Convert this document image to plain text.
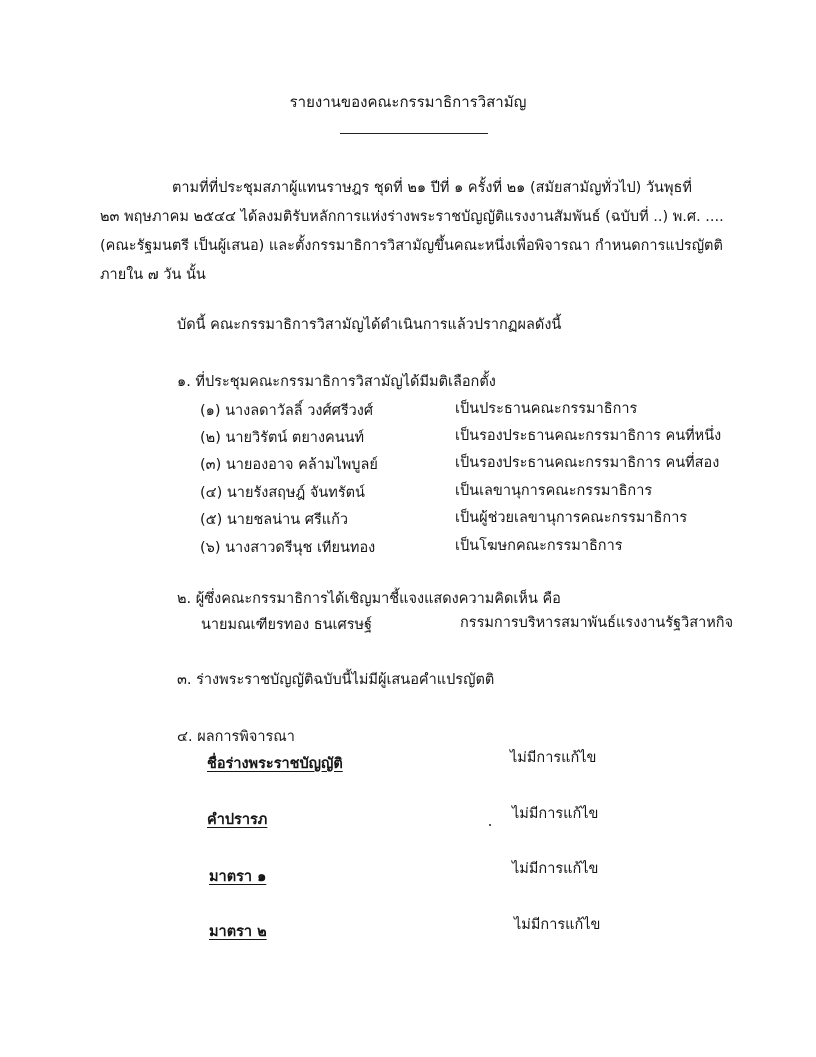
รายงานของคณะกรรมาธิการวิสามัญ
ตามที่ที่ประชุมสภาผู้แทนราษฎร ชุดที่ ๒๑ ปีที่ ๑ ครั้งที่ ๒๑ (สมัยสามัญทั่วไป) วันพุธที่
๒๓ พฤษภาคม ๒๕๔๔ ได้ลงมติรับหลักการแห่งร่างพระราชบัญญัติแรงงานสัมพันธ์ (ฉบับที่ ..) พ.ศ. ....
(คณะรัฐมนตรี เป็นผู้เสนอ) และตั้งกรรมาธิการวิสามัญขึ้นคณะหนึ่งเพื่อพิจารณา กำหนดการแปรญัตติ
ภายใน ๗ วัน นั้น
บัดนี้ คณะกรรมาธิการวิสามัญได้ดำเนินการแล้วปรากฏผลดังนี้
๑. ที่ประชุมคณะกรรมาธิการวิสามัญได้มีมติเลือกตั้ง
(๑) นางลดาวัลลิ์ วงศ์ศรีวงศ์	เป็นประธานคณะกรรมาธิการ
(๒) นายวิรัตน์ ตยางคนนท์	เป็นรองประธานคณะกรรมาธิการ คนที่หนึ่ง
(๓) นายองอาจ คล้ามไพบูลย์	เป็นรองประธานคณะกรรมาธิการ คนที่สอง
(๔) นายรังสฤษฎ์ จันทรัตน์	เป็นเลขานุการคณะกรรมาธิการ
(๕) นายชลน่าน ศรีแก้ว	เป็นผู้ช่วยเลขานุการคณะกรรมาธิการ
(๖) นางสาวดรีนุช เทียนทอง	เป็นโฆษกคณะกรรมาธิการ
๒. ผู้ซึ่งคณะกรรมาธิการได้เชิญมาชี้แจงแสดงความคิดเห็น คือ
นายมณเฑียรทอง ธนเศรษฐ์	กรรมการบริหารสมาพันธ์แรงงานรัฐวิสาหกิจ
๓. ร่างพระราชบัญญัติฉบับนี้ไม่มีผู้เสนอคำแปรญัตติ
๔. ผลการพิจารณา
ชื่อร่างพระราชบัญญัติ	ไม่มีการแก้ไข
คำปรารภ	ไม่มีการแก้ไข
มาตรา ๑	ไม่มีการแก้ไข
มาตรา ๒	ไม่มีการแก้ไข
